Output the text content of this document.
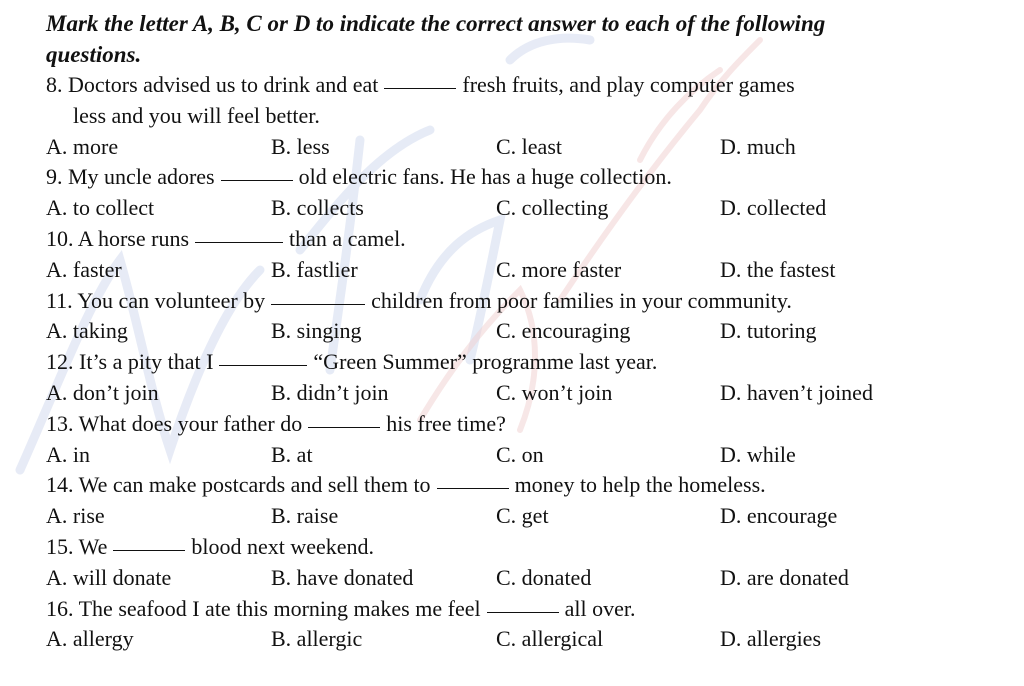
Mark the letter A, B, C or D to indicate the correct answer to each of the following
questions.
8. Doctors advised us to drink and eat	fresh fruits, and play computer games
less and you will feel better.
A. more	B. less	C. least	D. much
9. My uncle adores	old electric fans. He has a huge collection.
A. to collect	B. collects	C. collecting	D. collected
10. A horse runs	than a camel.
A. faster	B. fastlier	C. more faster	D. the fastest
11. You can volunteer by	children from poor families in your community.
A. taking	B. singing	C. encouraging	D. tutoring
12. It’s a pity that I	“Green Summer” programme last year.
A. don’t join	B. didn’t join	C. won’t join	D. haven’t joined
13. What does your father do	his free time?
A. in	B. at	C. on	D. while
14. We can make postcards and sell them to	money to help the homeless.
A. rise	B. raise	C. get	D. encourage
15. We	blood next weekend.
A. will donate	B. have donated	C. donated	D. are donated
16. The seafood I ate this morning makes me feel	all over.
A. allergy	B. allergic	C. allergical	D. allergies
